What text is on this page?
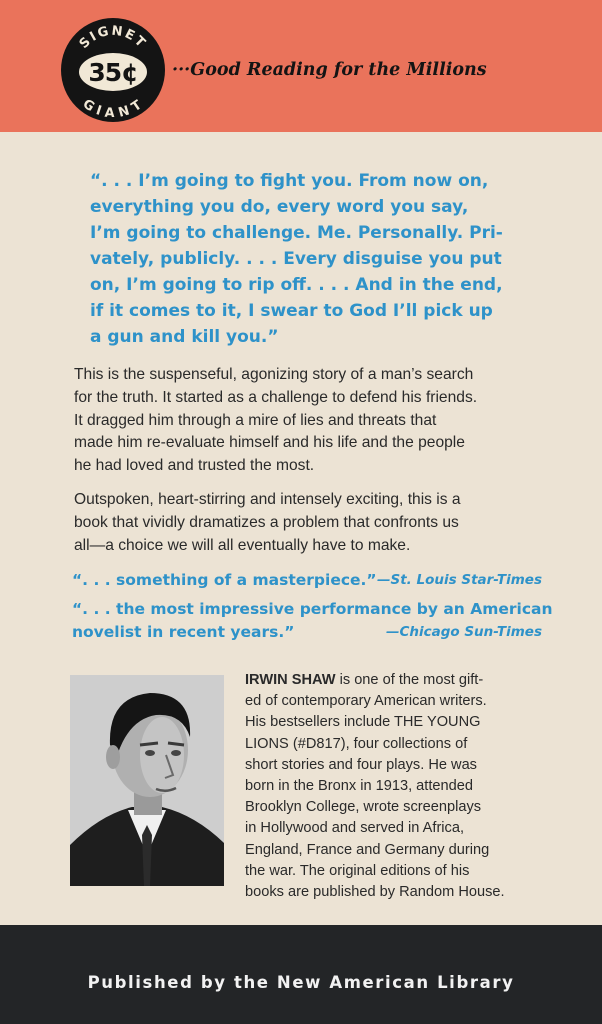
SIGNET
GIANT
35¢ ···Good Reading for the Millions

“. . . I’m going to fight you. From now on,
everything you do, every word you say,
I’m going to challenge. Me. Personally. Pri-
vately, publicly. . . . Every disguise you put
on, I’m going to rip off. . . . And in the end,
if it comes to it, I swear to God I’ll pick up
a gun and kill you.”

This is the suspenseful, agonizing story of a man’s search
for the truth. It started as a challenge to defend his friends.
It dragged him through a mire of lies and threats that
made him re-evaluate himself and his life and the people
he had loved and trusted the most.

Outspoken, heart-stirring and intensely exciting, this is a
book that vividly dramatizes a problem that confronts us
all—a choice we will all eventually have to make.

“. . . something of a masterpiece.” —St. Louis Star-Times
“. . . the most impressive performance by an American
novelist in recent years.”	—Chicago Sun-Times

IRWIN SHAW is one of the most gift-
ed of contemporary American writers.
His bestsellers include THE YOUNG
LIONS (#D817), four collections of
short stories and four plays. He was
born in the Bronx in 1913, attended
Brooklyn College, wrote screenplays
in Hollywood and served in Africa,
England, France and Germany during
the war. The original editions of his
books are published by Random House.

Published by the New American Library
